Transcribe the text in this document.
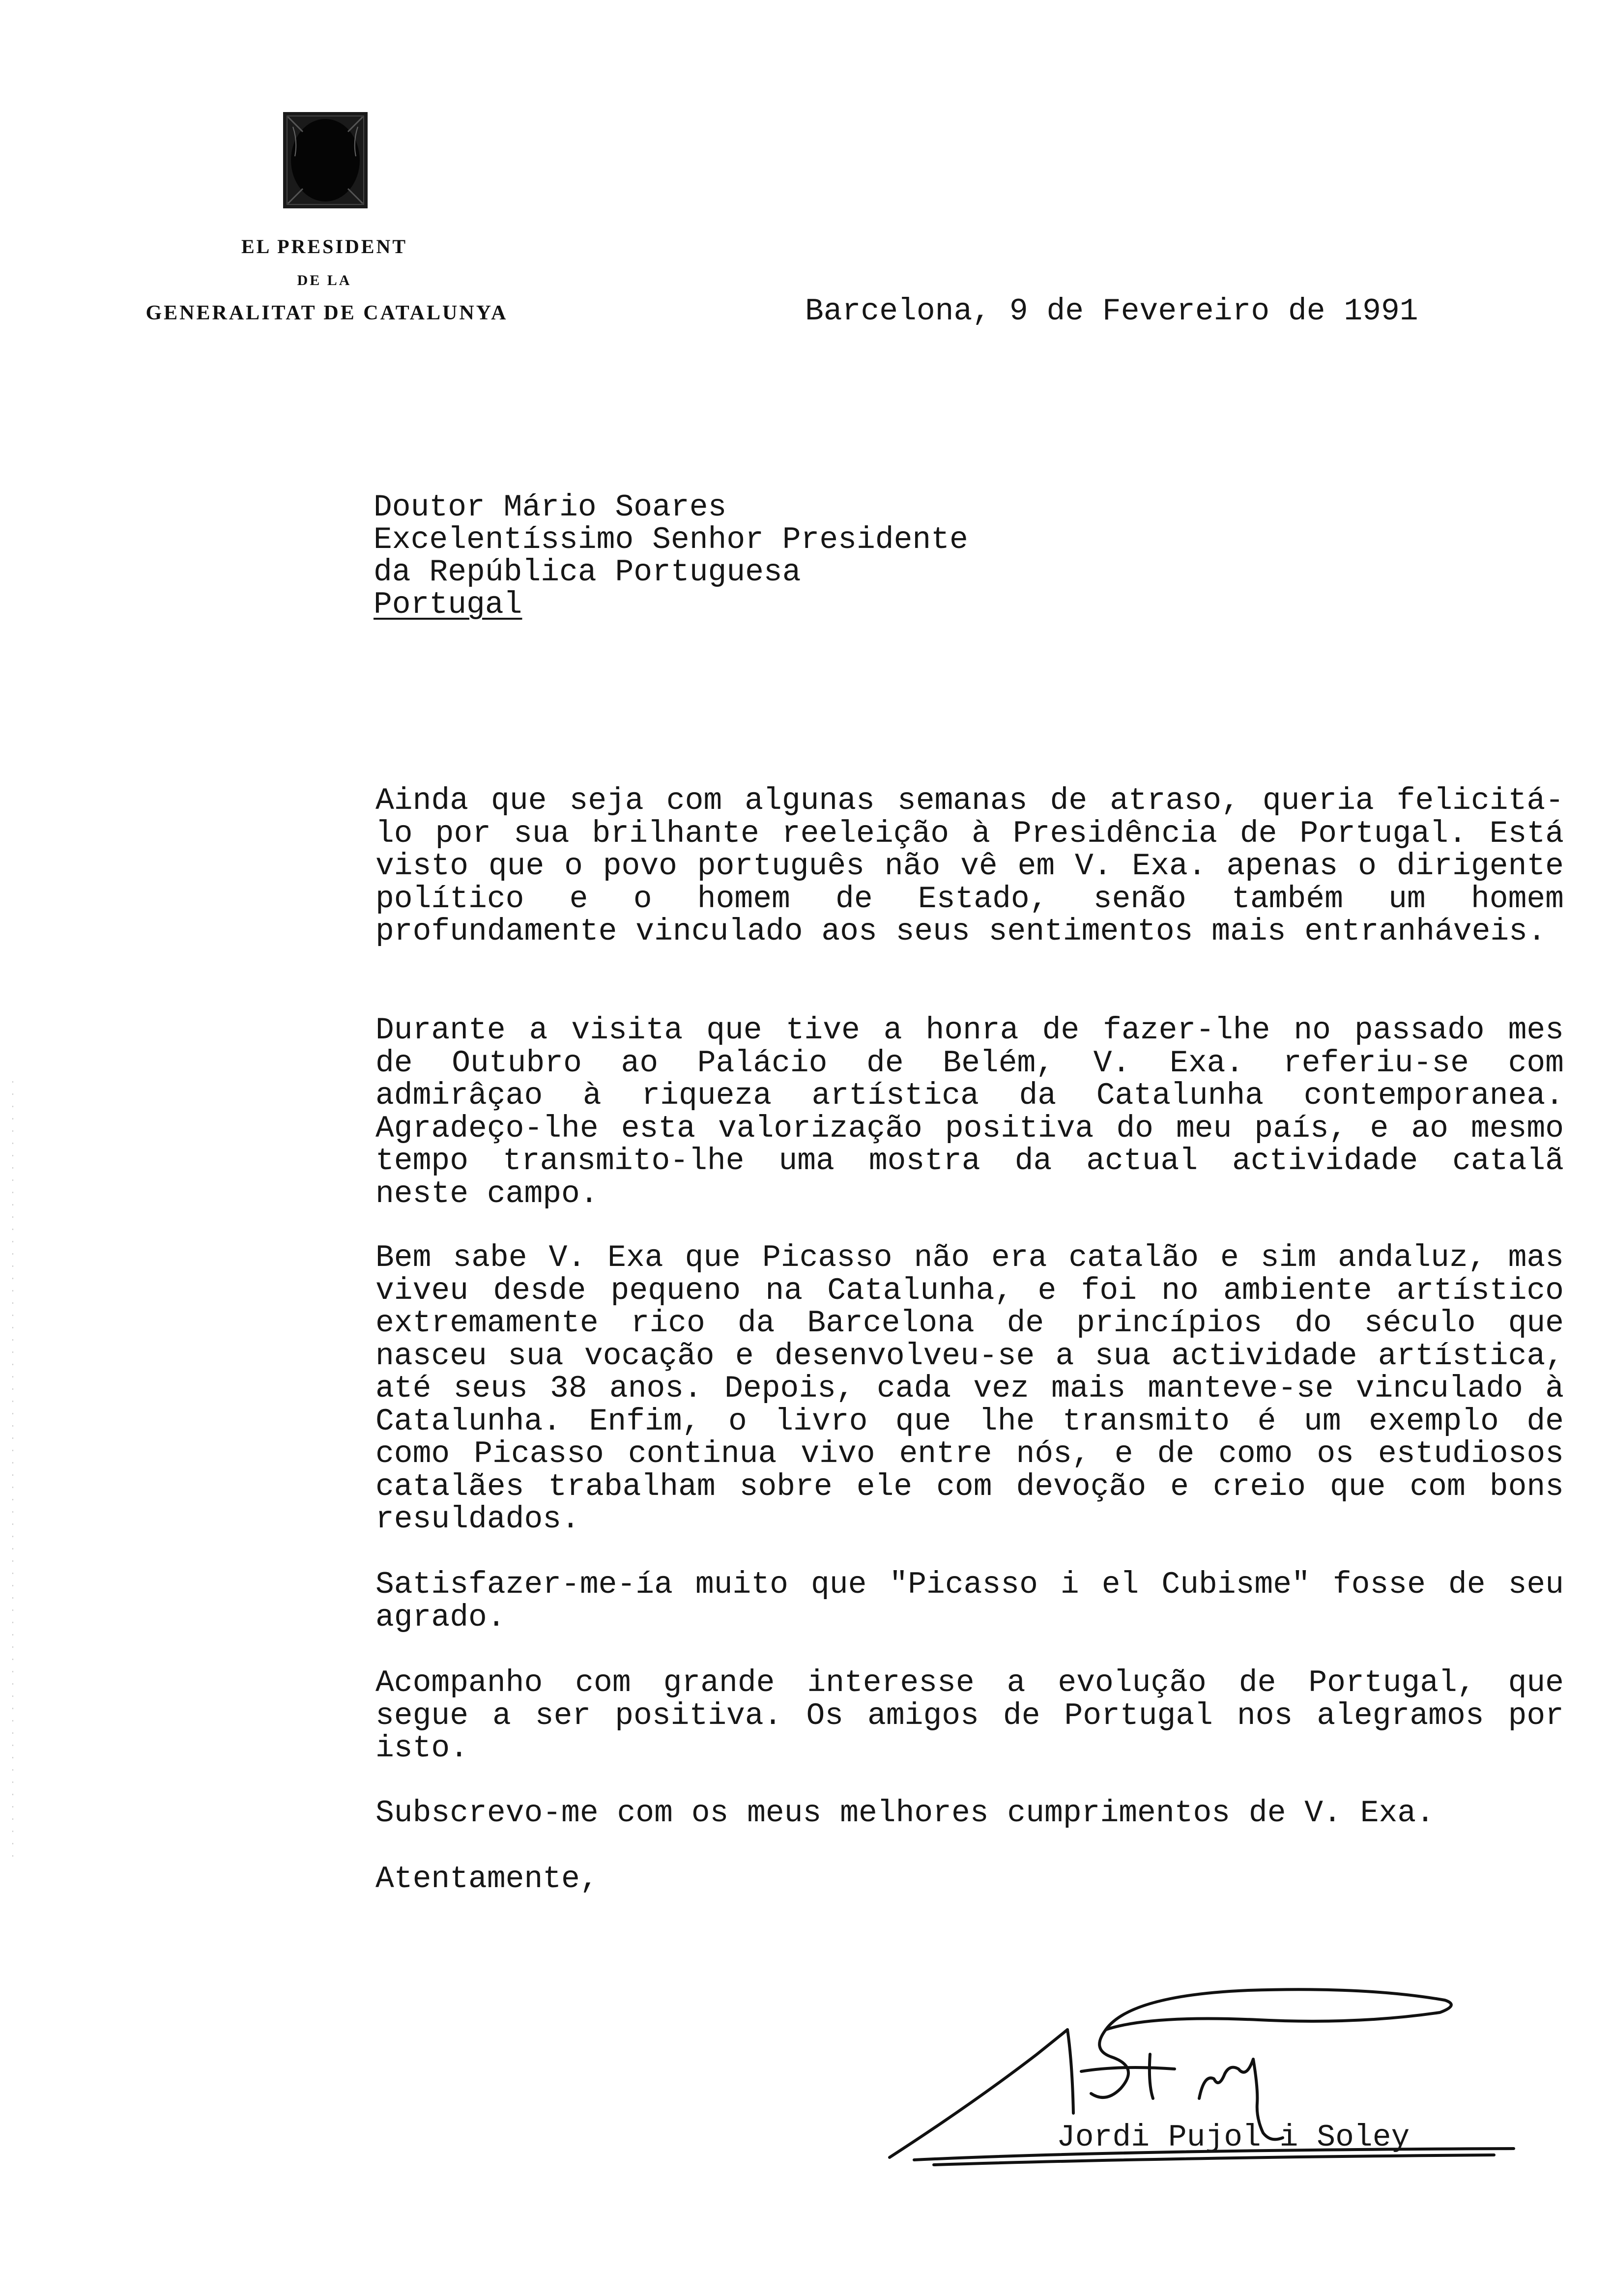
EL PRESIDENT
DE LA
GENERALITAT DE CATALUNYA	Barcelona, 9 de Fevereiro de 1991
Doutor Mário Soares
Excelentíssimo Senhor Presidente
da República Portuguesa
Portugal
Ainda que seja com algunas semanas de atraso, queria felicitá-lo por sua brilhante reeleição à Presidência de Portugal. Está visto que o povo português não vê em V. Exa. apenas o dirigente político e o homem de Estado, senão também um homem profundamente vinculado aos seus sentimentos mais entranháveis.
Durante a visita que tive a honra de fazer-lhe no passado mes de Outubro ao Palácio de Belém, V. Exa. referiu-se com admirâçao à riqueza artística da Catalunha contemporanea. Agradeço-lhe esta valorização positiva do meu país, e ao mesmo tempo transmito-lhe uma mostra da actual actividade catalã neste campo.
Bem sabe V. Exa que Picasso não era catalão e sim andaluz, mas viveu desde pequeno na Catalunha, e foi no ambiente artístico extremamente rico da Barcelona de princípios do século que nasceu sua vocação e desenvolveu-se a sua actividade artística, até seus 38 anos. Depois, cada vez mais manteve-se vinculado à Catalunha. Enfim, o livro que lhe transmito é um exemplo de como Picasso continua vivo entre nós, e de como os estudiosos catalães trabalham sobre ele com devoção e creio que com bons resuldados.
Satisfazer-me-ía muito que "Picasso i el Cubisme" fosse de seu agrado.
Acompanho com grande interesse a evolução de Portugal, que segue a ser positiva. Os amigos de Portugal nos alegramos por isto.
Subscrevo-me com os meus melhores cumprimentos de V. Exa.
Atentamente,
Jordi Pujol i Soley
